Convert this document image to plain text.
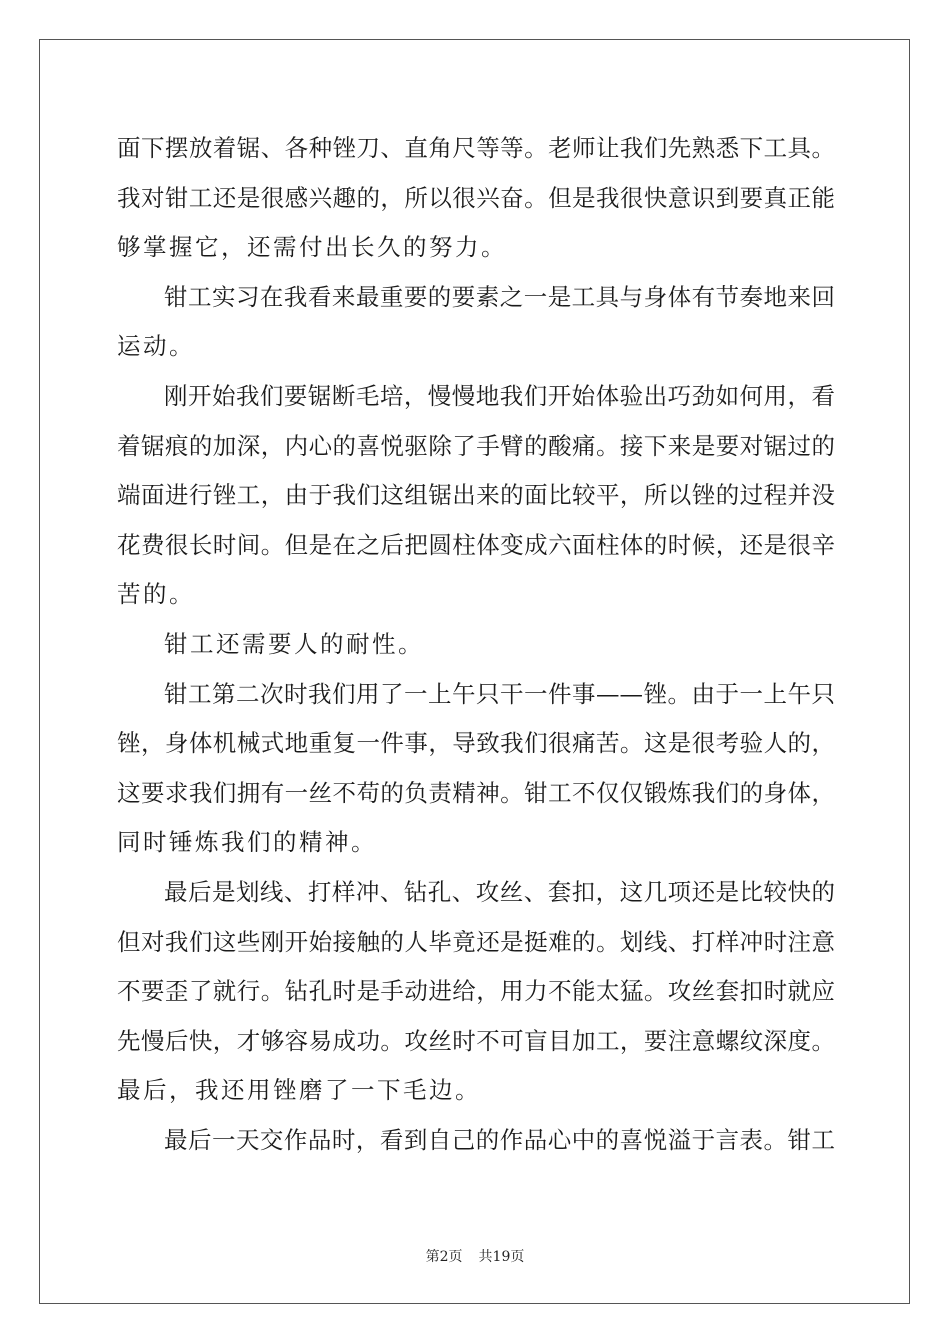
面下摆放着锯、各种锉刀、直角尺等等。老师让我们先熟悉下工具。
我对钳工还是很感兴趣的，所以很兴奋。但是我很快意识到要真正能
够掌握它，还需付出长久的努力。
钳工实习在我看来最重要的要素之一是工具与身体有节奏地来回
运动。
刚开始我们要锯断毛培，慢慢地我们开始体验出巧劲如何用，看
着锯痕的加深，内心的喜悦驱除了手臂的酸痛。接下来是要对锯过的
端面进行锉工，由于我们这组锯出来的面比较平，所以锉的过程并没
花费很长时间。但是在之后把圆柱体变成六面柱体的时候，还是很辛
苦的。
钳工还需要人的耐性。
钳工第二次时我们用了一上午只干一件事——锉。由于一上午只
锉，身体机械式地重复一件事，导致我们很痛苦。这是很考验人的，
这要求我们拥有一丝不苟的负责精神。钳工不仅仅锻炼我们的身体，
同时锤炼我们的精神。
最后是划线、打样冲、钻孔、攻丝、套扣，这几项还是比较快的
但对我们这些刚开始接触的人毕竟还是挺难的。划线、打样冲时注意
不要歪了就行。钻孔时是手动进给，用力不能太猛。攻丝套扣时就应
先慢后快，才够容易成功。攻丝时不可盲目加工，要注意螺纹深度。
最后，我还用锉磨了一下毛边。
最后一天交作品时，看到自己的作品心中的喜悦溢于言表。钳工
第2页 共19页
